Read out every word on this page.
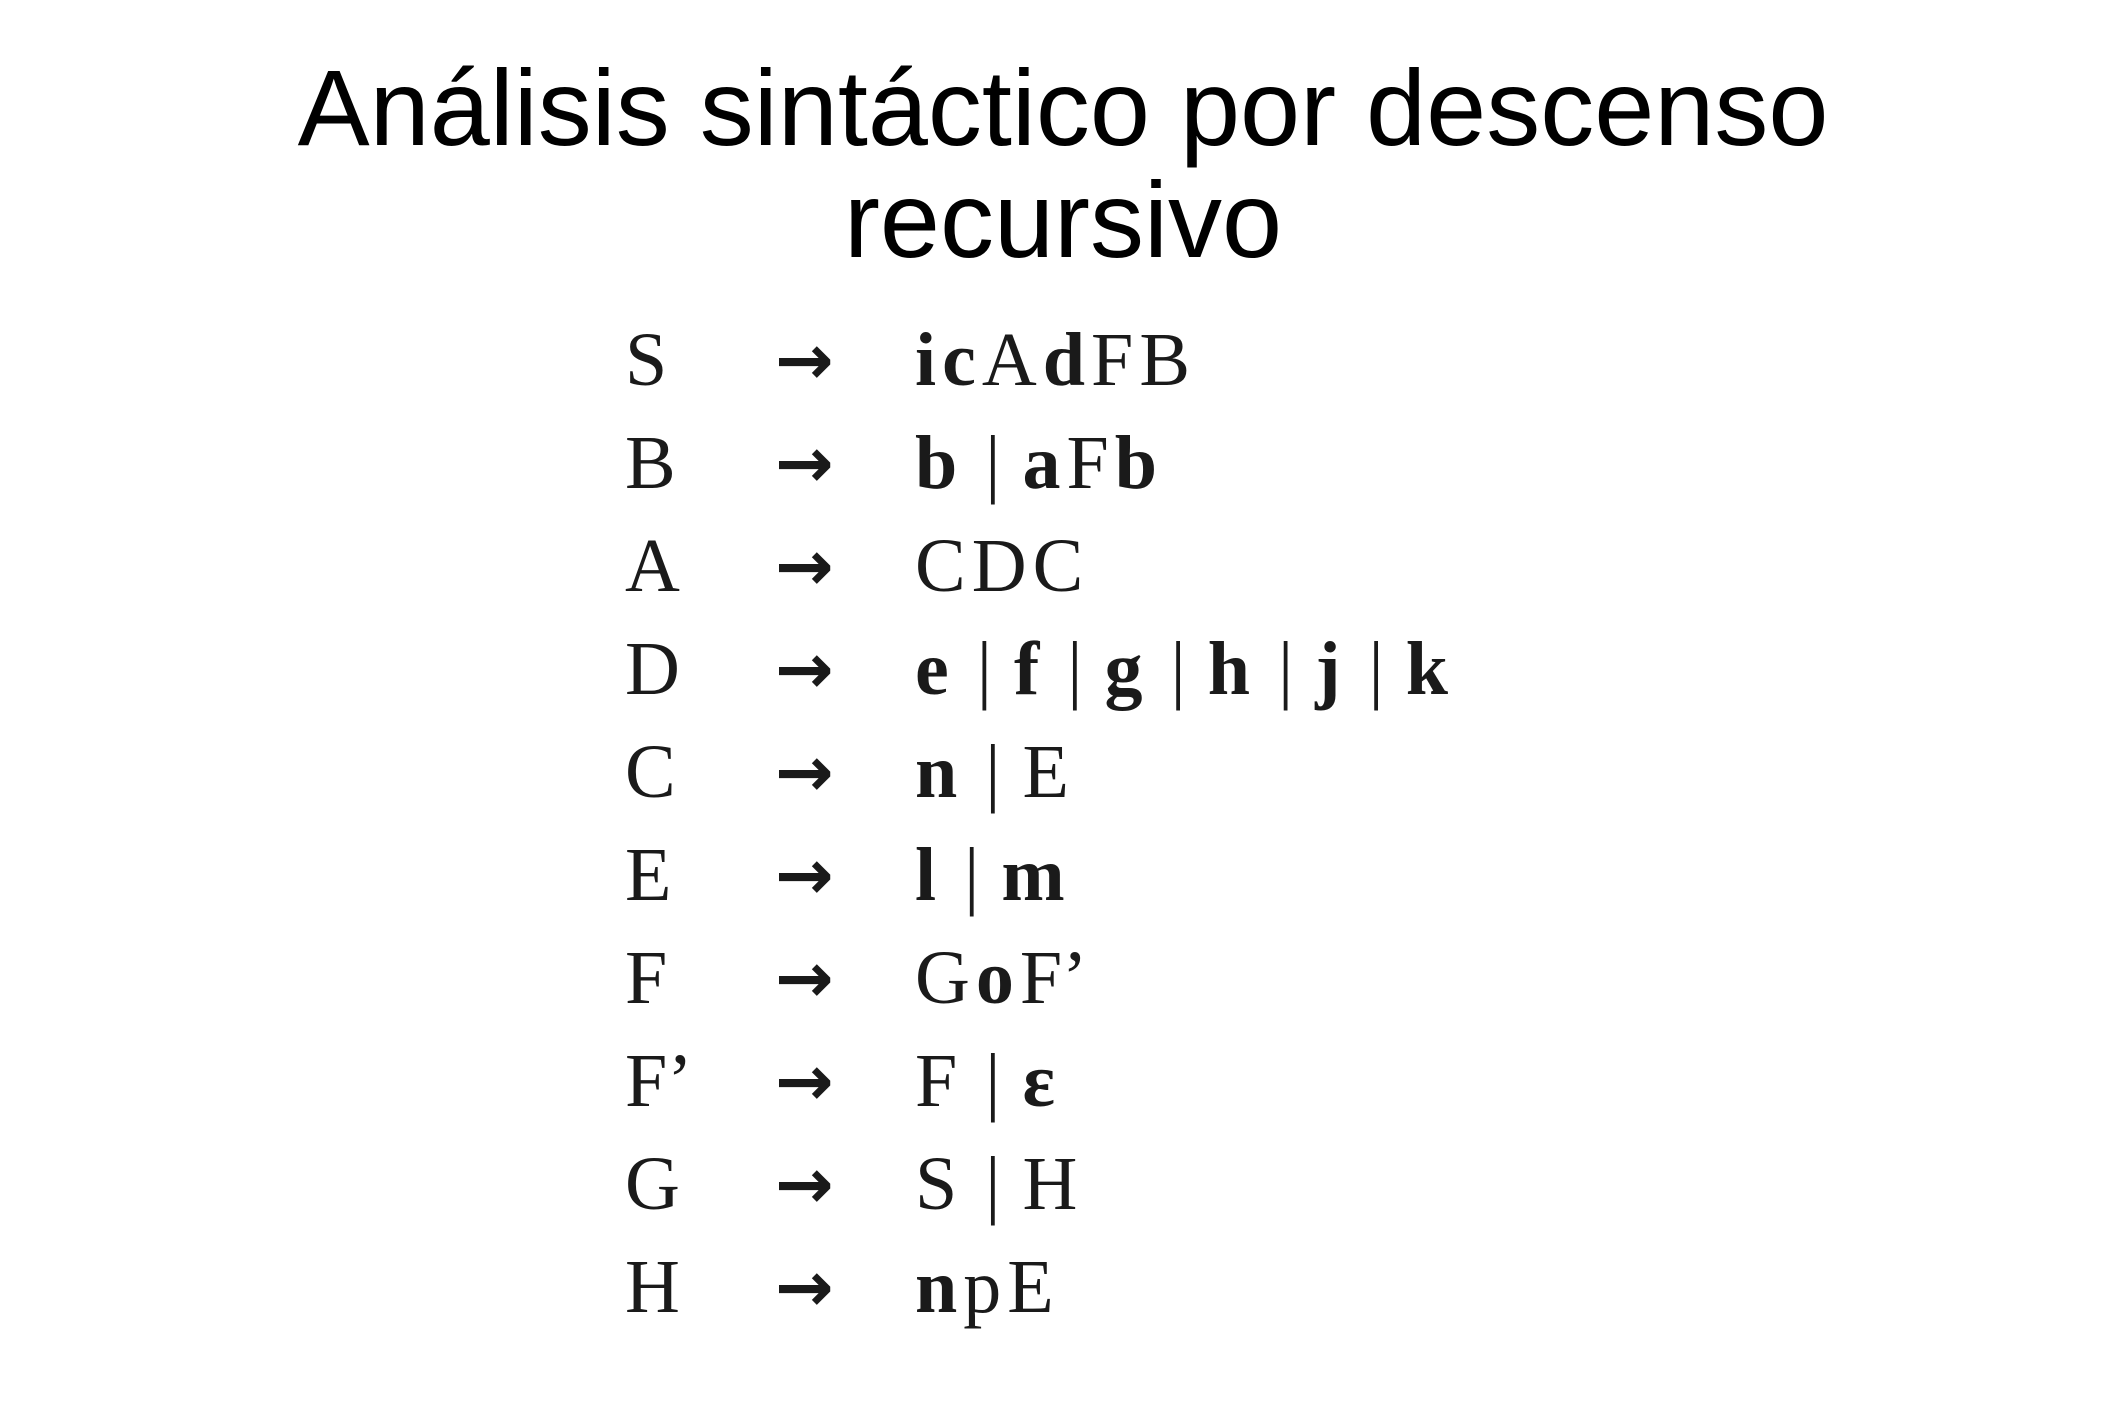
Análisis sintáctico por descenso
recursivo
S → icAdFB
B → b | aFb
A → CDC
D → e | f | g | h | j | k
C → n | E
E → l | m
F → GoF’
F’ → F | ε
G → S | H
H → npE
